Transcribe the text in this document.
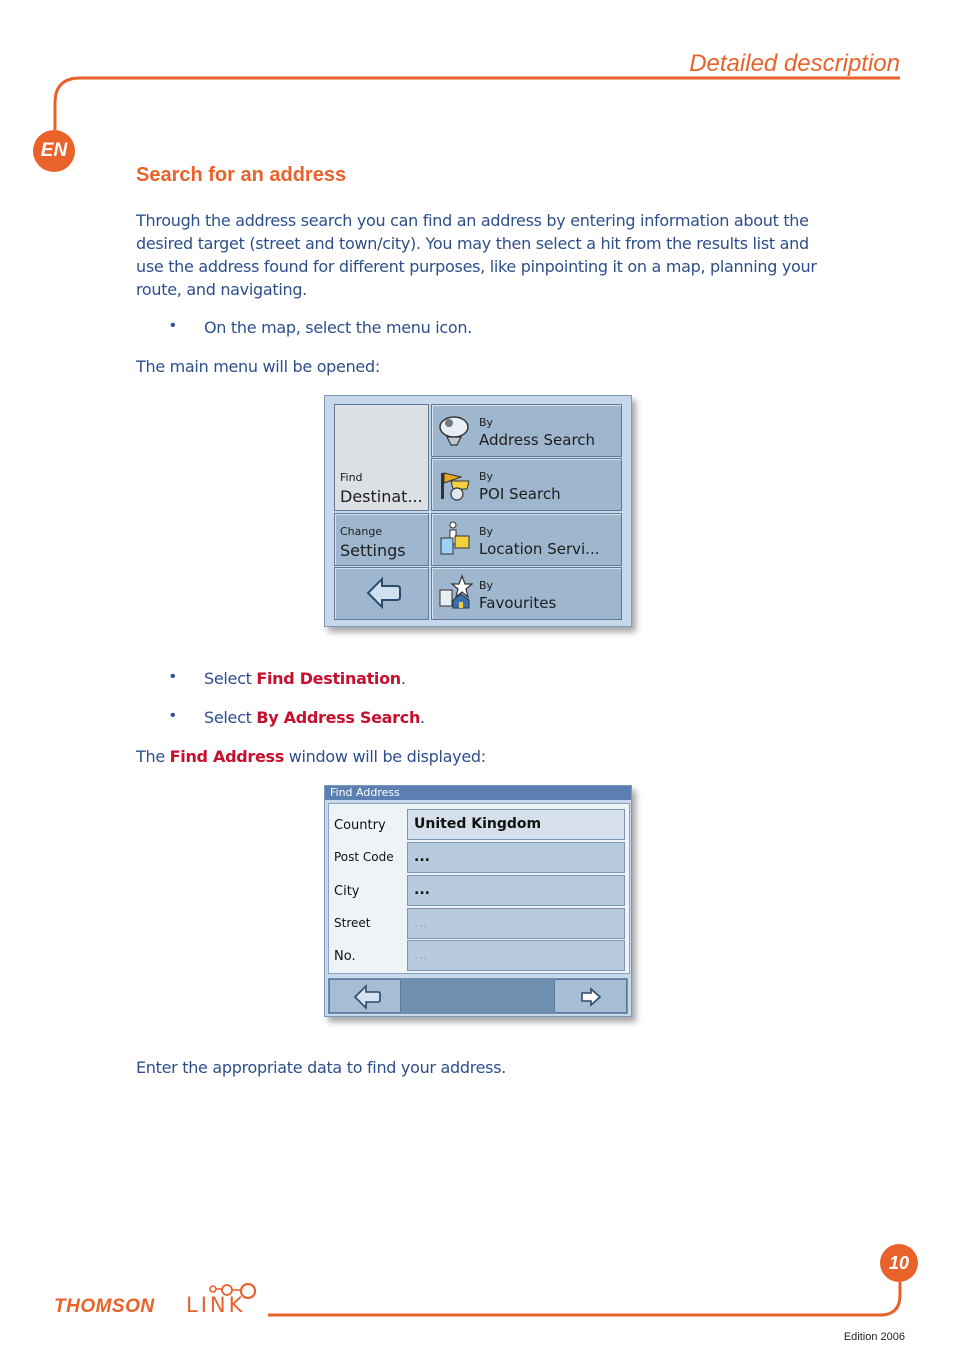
Detailed description
EN
Search for an address
Through the address search you can find an address by entering information about the desired target (street and town/city). You may then select a hit from the results list and use the address found for different purposes, like pinpointing it on a map, planning your route, and navigating.
• On the map, select the menu icon.
The main menu will be opened:
Find
Destinat...
Change
Settings
By
Address Search
By
POI Search
By
Location Servi...
By
Favourites
• Select Find Destination.
• Select By Address Search.
The Find Address window will be displayed:
Find Address
Country
Post Code
City
Street
No.
United Kingdom
...
...
...
...
Enter the appropriate data to find your address.
10
THOMSON LINK
Edition 2006
